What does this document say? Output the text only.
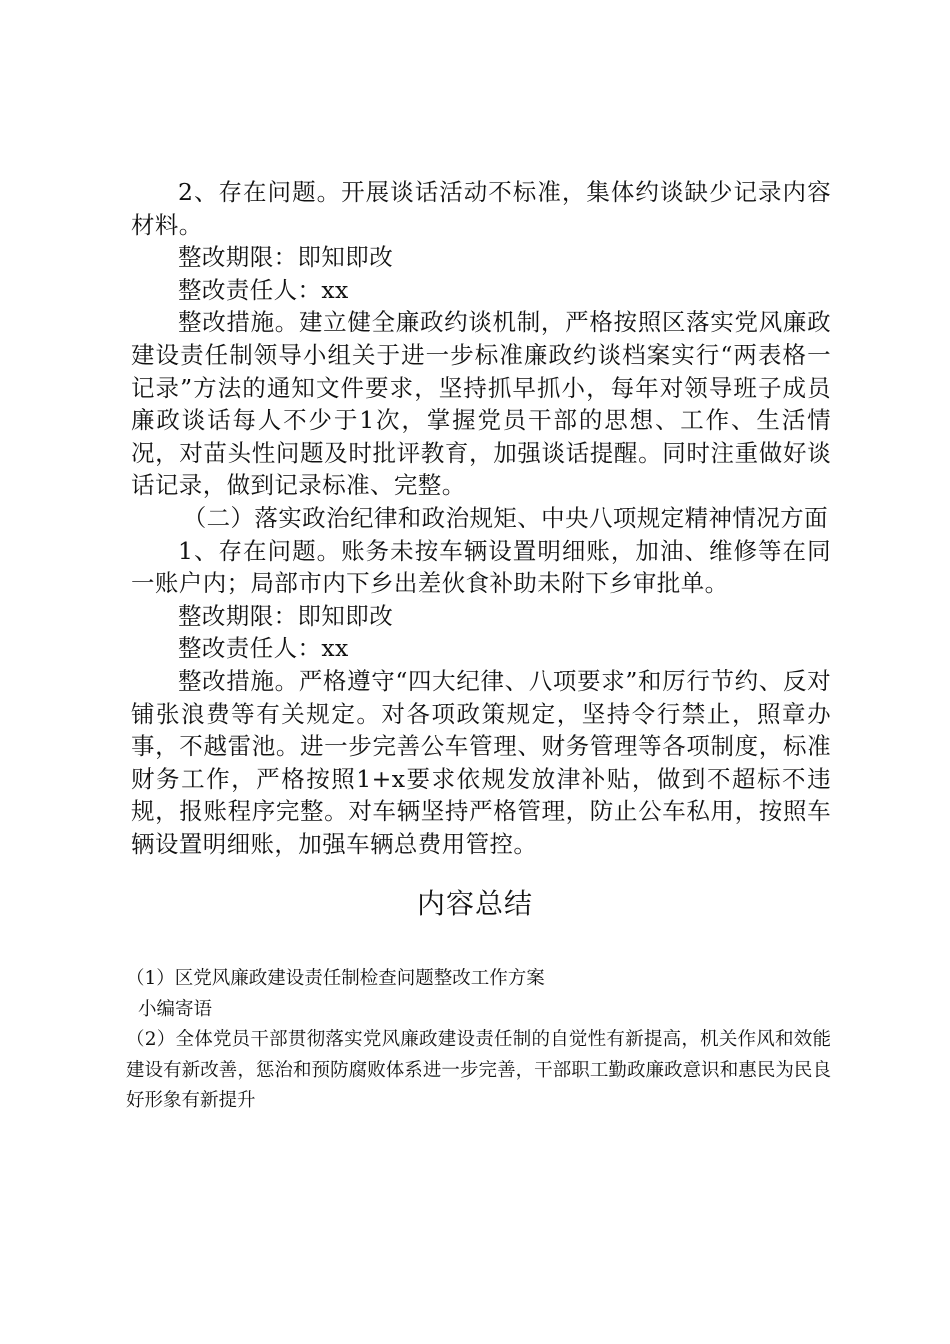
2、存在问题。开展谈话活动不标准，集体约谈缺少记录内容材料。

整改期限：即知即改

整改责任人：xx

整改措施。建立健全廉政约谈机制，严格按照区落实党风廉政建设责任制领导小组关于进一步标准廉政约谈档案实行“两表格一记录”方法的通知文件要求，坚持抓早抓小，每年对领导班子成员廉政谈话每人不少于1次，掌握党员干部的思想、工作、生活情况，对苗头性问题及时批评教育，加强谈话提醒。同时注重做好谈话记录，做到记录标准、完整。

（二）落实政治纪律和政治规矩、中央八项规定精神情况方面

1、存在问题。账务未按车辆设置明细账，加油、维修等在同一账户内；局部市内下乡出差伙食补助未附下乡审批单。

整改期限：即知即改

整改责任人：xx

整改措施。严格遵守“四大纪律、八项要求”和厉行节约、反对铺张浪费等有关规定。对各项政策规定，坚持令行禁止，照章办事，不越雷池。进一步完善公车管理、财务管理等各项制度，标准财务工作，严格按照1+x要求依规发放津补贴，做到不超标不违规，报账程序完整。对车辆坚持严格管理，防止公车私用，按照车辆设置明细账，加强车辆总费用管控。

内容总结

（1）区党风廉政建设责任制检查问题整改工作方案

小编寄语

（2）全体党员干部贯彻落实党风廉政建设责任制的自觉性有新提高，机关作风和效能建设有新改善，惩治和预防腐败体系进一步完善，干部职工勤政廉政意识和惠民为民良好形象有新提升
